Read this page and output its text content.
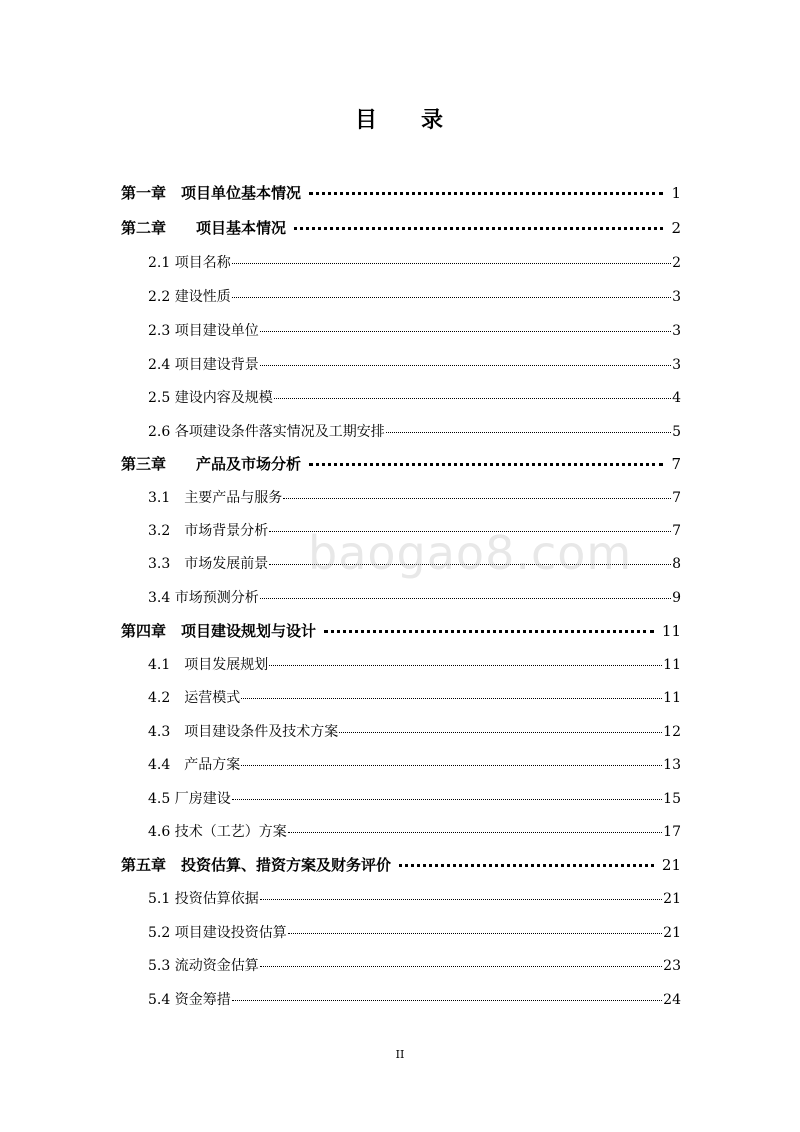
目 录
第一章　项目单位基本情况	1
第二章　　项目基本情况	2
2.1 项目名称	2
2.2 建设性质	3
2.3 项目建设单位	3
2.4 项目建设背景	3
2.5 建设内容及规模	4
2.6 各项建设条件落实情况及工期安排	5
第三章　　产品及市场分析	7
3.1　主要产品与服务	7
3.2　市场背景分析	7
3.3　市场发展前景	8
3.4 市场预测分析	9
第四章　项目建设规划与设计	11
4.1　项目发展规划	11
4.2　运营模式	11
4.3　项目建设条件及技术方案	12
4.4　产品方案	13
4.5 厂房建设	15
4.6 技术（工艺）方案	17
第五章　投资估算、措资方案及财务评价	21
5.1 投资估算依据	21
5.2 项目建设投资估算	21
5.3 流动资金估算	23
5.4 资金筹措	24
baogao8.com
II
